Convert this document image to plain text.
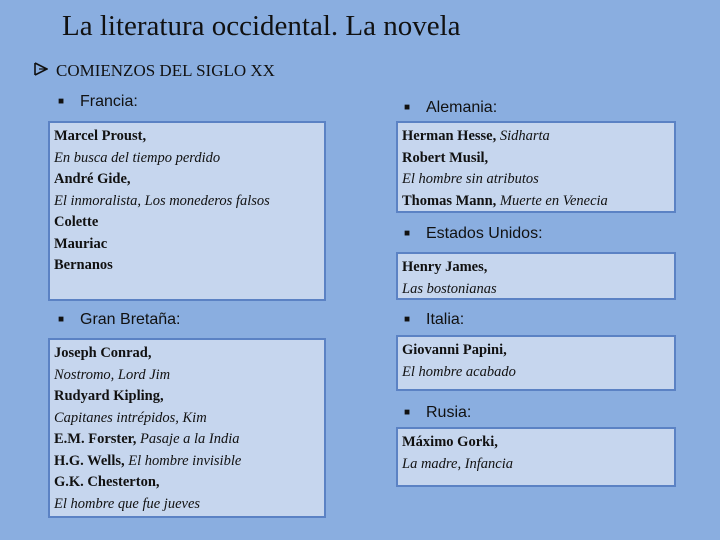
La literatura occidental. La novela
COMIENZOS DEL SIGLO XX
■ Francia:
Marcel Proust,
En busca del tiempo perdido
André Gide,
El inmoralista, Los monederos falsos
Colette
Mauriac
Bernanos
■ Gran Bretaña:
Joseph Conrad,
Nostromo, Lord Jim
Rudyard Kipling,
Capitanes intrépidos, Kim
E.M. Forster, Pasaje a la India
H.G. Wells, El hombre invisible
G.K. Chesterton,
El hombre que fue jueves
■ Alemania:
Herman Hesse, Sidharta
Robert Musil,
El hombre sin atributos
Thomas Mann, Muerte en Venecia
■ Estados Unidos:
Henry James,
Las bostonianas
■ Italia:
Giovanni Papini,
El hombre acabado
■ Rusia:
Máximo Gorki,
La madre, Infancia
